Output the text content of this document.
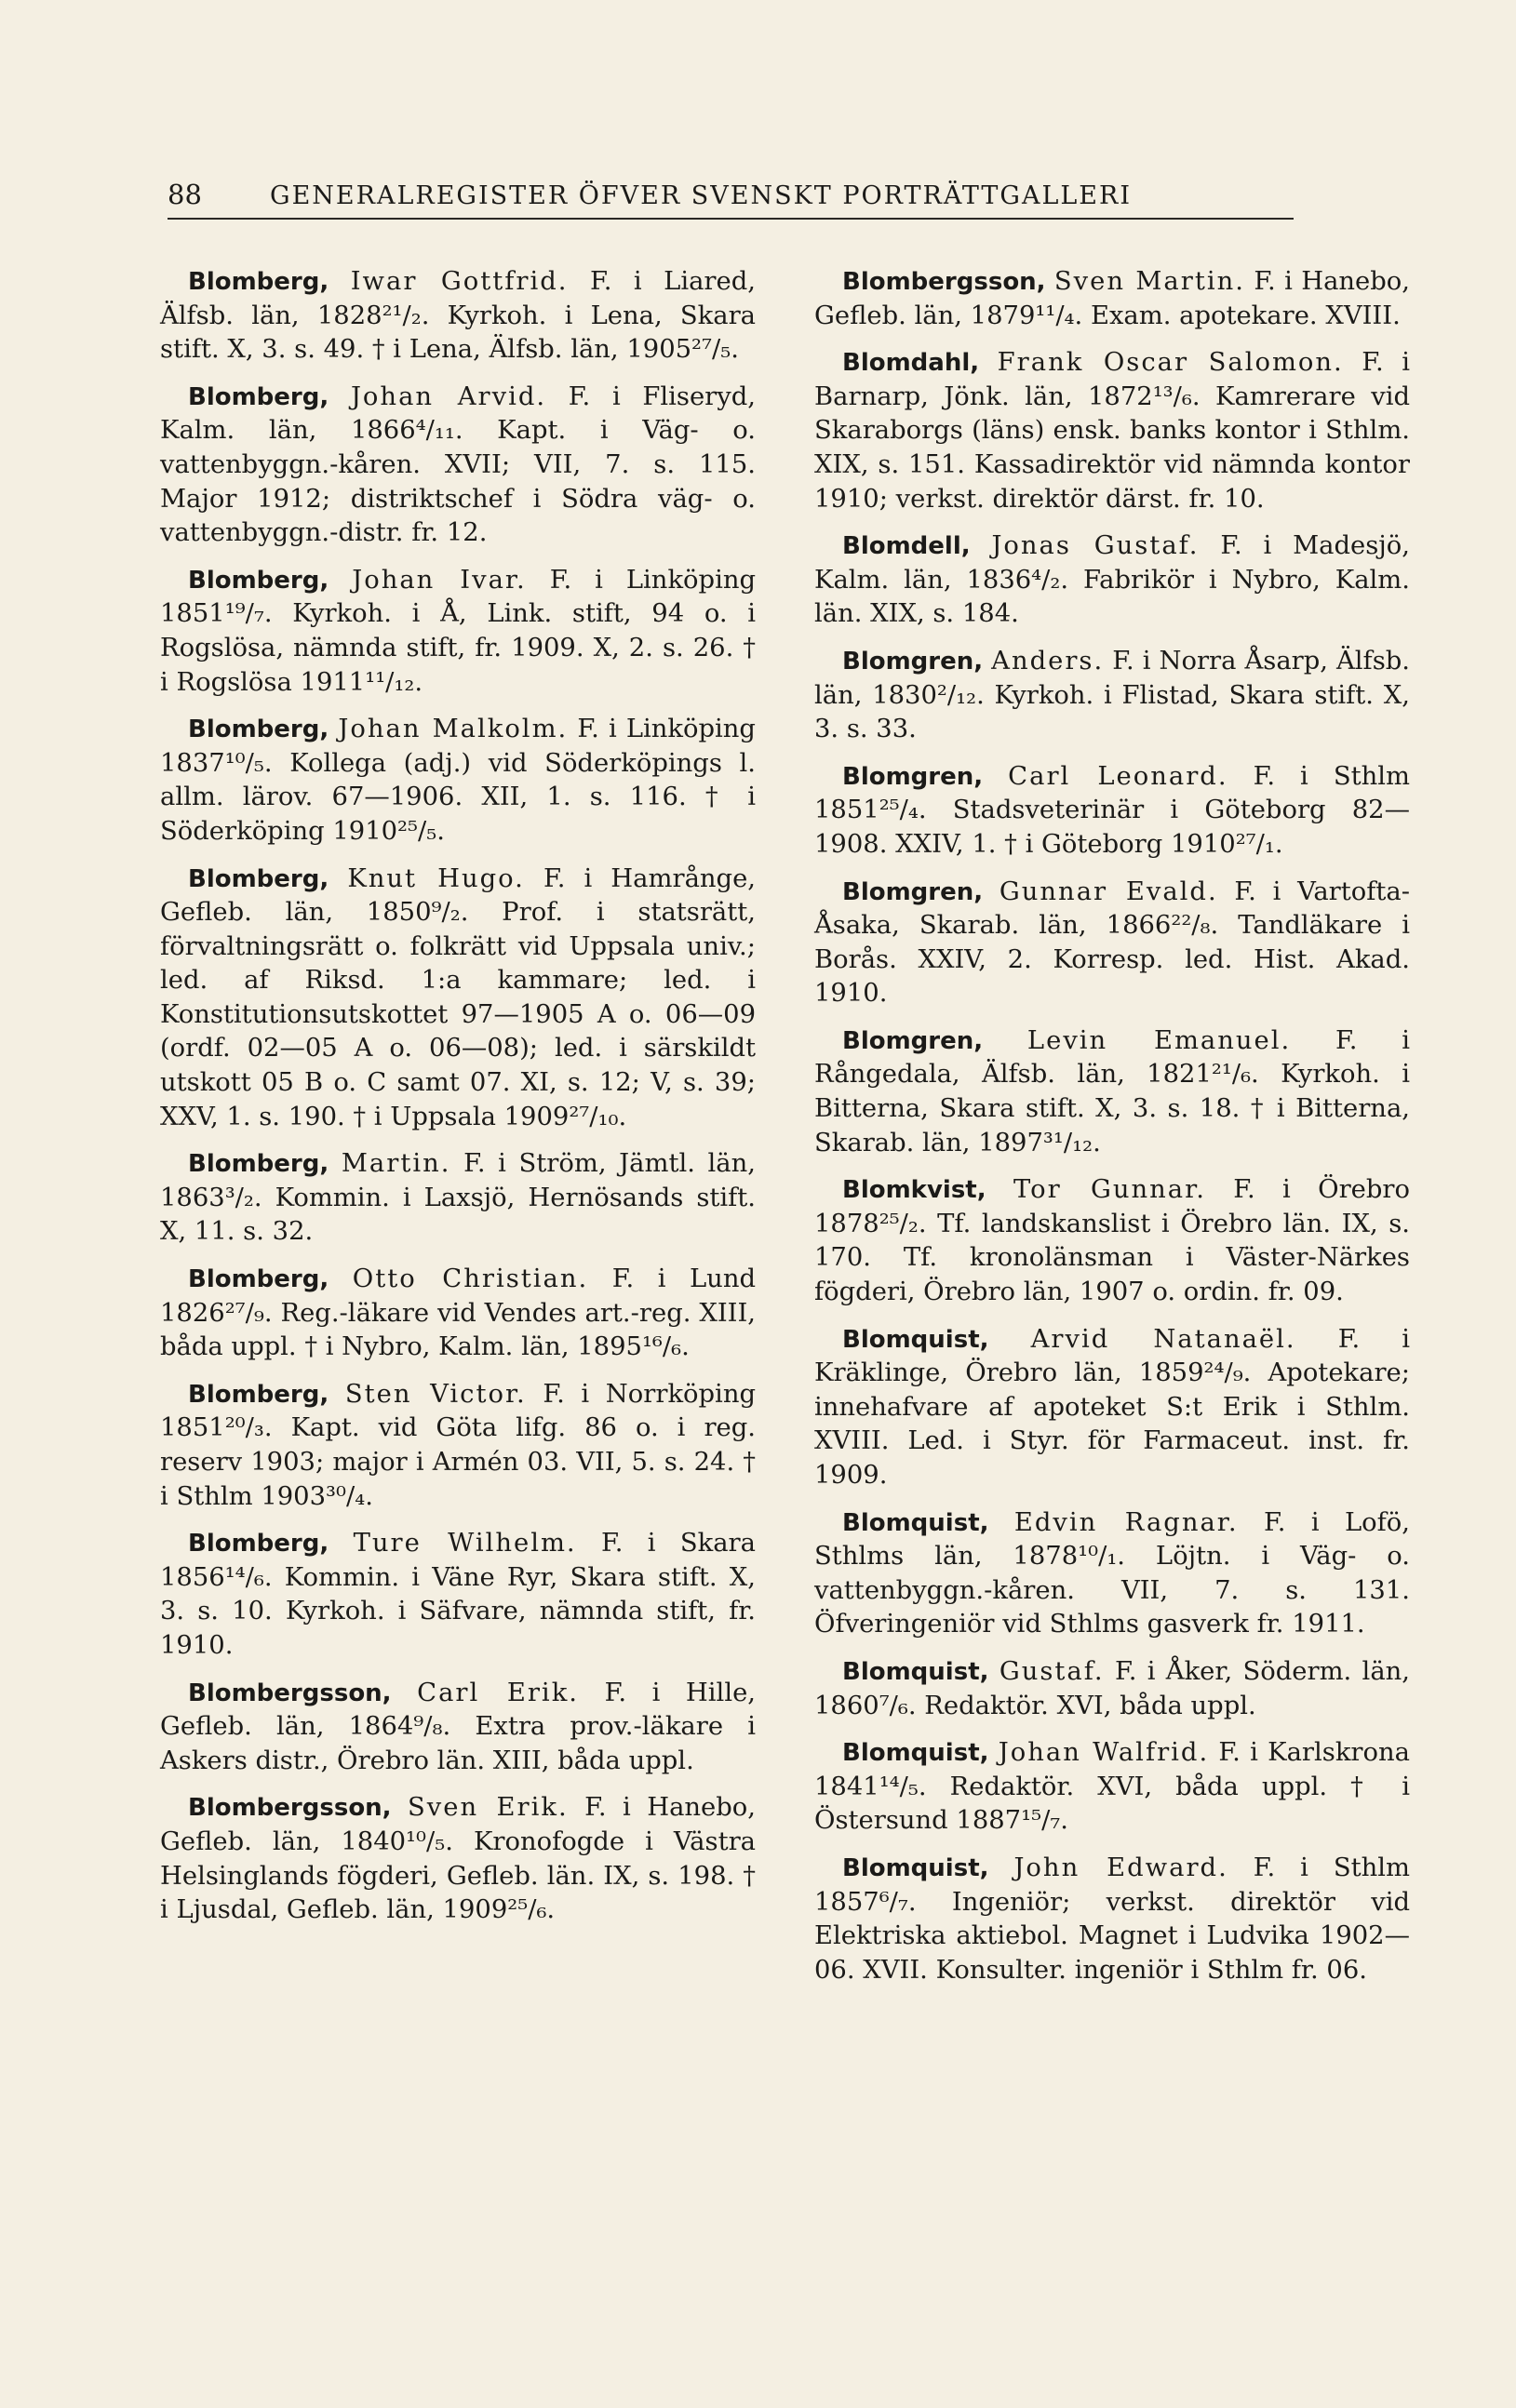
88	GENERALREGISTER ÖFVER SVENSKT PORTRÄTTGALLERI

Blomberg, Iwar Gottfrid. F. i Liared, Älfsb. län, 1828²¹/₂. Kyrkoh. i Lena, Skara stift. X, 3. s. 49. † i Lena, Älfsb. län, 1905²⁷/₅.

Blomberg, Johan Arvid. F. i Fliseryd, Kalm. län, 1866⁴/₁₁. Kapt. i Väg- o. vattenbyggn.-kåren. XVII; VII, 7. s. 115. Major 1912; distriktschef i Södra väg- o. vattenbyggn.-distr. fr. 12.

Blomberg, Johan Ivar. F. i Linköping 1851¹⁹/₇. Kyrkoh. i Å, Link. stift, 94 o. i Rogslösa, nämnda stift, fr. 1909. X, 2. s. 26. † i Rogslösa 1911¹¹/₁₂.

Blomberg, Johan Malkolm. F. i Linköping 1837¹⁰/₅. Kollega (adj.) vid Söderköpings l. allm. lärov. 67—1906. XII, 1. s. 116. † i Söderköping 1910²⁵/₅.

Blomberg, Knut Hugo. F. i Hamrånge, Gefleb. län, 1850⁹/₂. Prof. i statsrätt, förvaltningsrätt o. folkrätt vid Uppsala univ.; led. af Riksd. 1:a kammare; led. i Konstitutionsutskottet 97—1905 A o. 06—09 (ordf. 02—05 A o. 06—08); led. i särskildt utskott 05 B o. C samt 07. XI, s. 12; V, s. 39; XXV, 1. s. 190. † i Uppsala 1909²⁷/₁₀.

Blomberg, Martin. F. i Ström, Jämtl. län, 1863³/₂. Kommin. i Laxsjö, Hernösands stift. X, 11. s. 32.

Blomberg, Otto Christian. F. i Lund 1826²⁷/₉. Reg.-läkare vid Vendes art.-reg. XIII, båda uppl. † i Nybro, Kalm. län, 1895¹⁶/₆.

Blomberg, Sten Victor. F. i Norrköping 1851²⁰/₃. Kapt. vid Göta lifg. 86 o. i reg. reserv 1903; major i Armén 03. VII, 5. s. 24. † i Sthlm 1903³⁰/₄.

Blomberg, Ture Wilhelm. F. i Skara 1856¹⁴/₆. Kommin. i Väne Ryr, Skara stift. X, 3. s. 10. Kyrkoh. i Säfvare, nämnda stift, fr. 1910.

Blombergsson, Carl Erik. F. i Hille, Gefleb. län, 1864⁹/₈. Extra prov.-läkare i Askers distr., Örebro län. XIII, båda uppl.

Blombergsson, Sven Erik. F. i Hanebo, Gefleb. län, 1840¹⁰/₅. Kronofogde i Västra Helsinglands fögderi, Gefleb. län. IX, s. 198. † i Ljusdal, Gefleb. län, 1909²⁵/₆.

Blombergsson, Sven Martin. F. i Hanebo, Gefleb. län, 1879¹¹/₄. Exam. apotekare. XVIII.

Blomdahl, Frank Oscar Salomon. F. i Barnarp, Jönk. län, 1872¹³/₆. Kamrerare vid Skaraborgs (läns) ensk. banks kontor i Sthlm. XIX, s. 151. Kassadirektör vid nämnda kontor 1910; verkst. direktör därst. fr. 10.

Blomdell, Jonas Gustaf. F. i Madesjö, Kalm. län, 1836⁴/₂. Fabrikör i Nybro, Kalm. län. XIX, s. 184.

Blomgren, Anders. F. i Norra Åsarp, Älfsb. län, 1830²/₁₂. Kyrkoh. i Flistad, Skara stift. X, 3. s. 33.

Blomgren, Carl Leonard. F. i Sthlm 1851²⁵/₄. Stadsveterinär i Göteborg 82—1908. XXIV, 1. † i Göteborg 1910²⁷/₁.

Blomgren, Gunnar Evald. F. i Vartofta-Åsaka, Skarab. län, 1866²²/₈. Tandläkare i Borås. XXIV, 2. Korresp. led. Hist. Akad. 1910.

Blomgren, Levin Emanuel. F. i Rångedala, Älfsb. län, 1821²¹/₆. Kyrkoh. i Bitterna, Skara stift. X, 3. s. 18. † i Bitterna, Skarab. län, 1897³¹/₁₂.

Blomkvist, Tor Gunnar. F. i Örebro 1878²⁵/₂. Tf. landskanslist i Örebro län. IX, s. 170. Tf. kronolänsman i Väster-Närkes fögderi, Örebro län, 1907 o. ordin. fr. 09.

Blomquist, Arvid Natanaël. F. i Kräklinge, Örebro län, 1859²⁴/₉. Apotekare; innehafvare af apoteket S:t Erik i Sthlm. XVIII. Led. i Styr. för Farmaceut. inst. fr. 1909.

Blomquist, Edvin Ragnar. F. i Lofö, Sthlms län, 1878¹⁰/₁. Löjtn. i Väg- o. vattenbyggn.-kåren. VII, 7. s. 131. Öfveringeniör vid Sthlms gasverk fr. 1911.

Blomquist, Gustaf. F. i Åker, Söderm. län, 1860⁷/₆. Redaktör. XVI, båda uppl.

Blomquist, Johan Walfrid. F. i Karlskrona 1841¹⁴/₅. Redaktör. XVI, båda uppl. † i Östersund 1887¹⁵/₇.

Blomquist, John Edward. F. i Sthlm 1857⁶/₇. Ingeniör; verkst. direktör vid Elektriska aktiebol. Magnet i Ludvika 1902—06. XVII. Konsulter. ingeniör i Sthlm fr. 06.
